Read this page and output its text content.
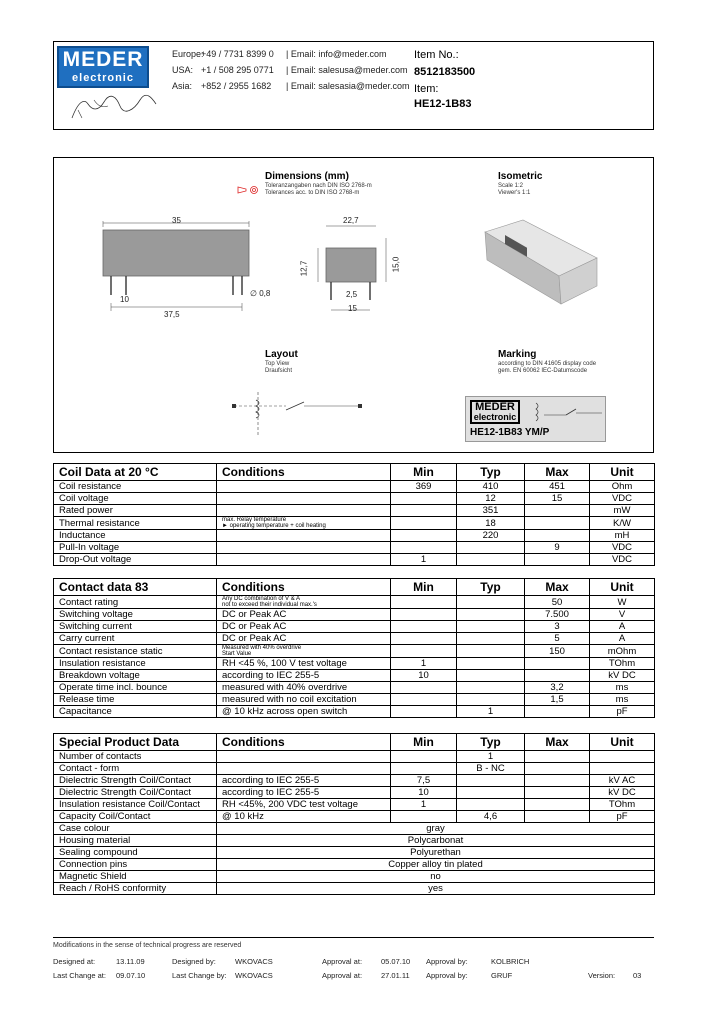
MEDER
electronic
Europe:
+49 / 7731 8399 0 | Email: info@meder.com
USA: +1 / 508 295 0771 | Email: salesusa@meder.com
Asia: +852 / 2955 1682 | Email: salesasia@meder.com
Item No.:
8512183500
Item:
HE12-1B83
Dimensions (mm)
Toleranzangaben nach DIN ISO 2768-m
Tolerances acc. to DIN ISO 2768-m
Isometric
Scale 1:2
Viewer's 1:1
35
10
37,5
∅ 0,8
22,7
12,7	15,0
2,5
15
Layout
Top View
Draufsicht
Marking
according to DIN 41605 display code
gem. EN 60062 IEC-Datumscode
MEDER
electronic
HE12-1B83 YM/P
Coil Data at 20 °C	Conditions	Min	Typ	Max	Unit
Coil resistance		369	410	451	Ohm
Coil voltage			12	15	VDC
Rated power			351		mW
Thermal resistance	max. Relay temperature
► operating temperature + coil heating		18		K/W
Inductance			220		mH
Pull-In voltage				9	VDC
Drop-Out voltage		1			VDC
Contact data 83	Conditions	Min	Typ	Max	Unit
Contact rating	Any DC combination of V & A
not to exceed their individual max.'s			50	W
Switching voltage	DC or Peak AC			7.500	V
Switching current	DC or Peak AC			3	A
Carry current	DC or Peak AC			5	A
Contact resistance static	Measured with 40% overdrive
Start Value			150	mOhm
Insulation resistance	RH <45 %, 100 V test voltage	1			TOhm
Breakdown voltage	according to IEC 255-5	10			kV DC
Operate time incl. bounce	measured with 40% overdrive			3,2	ms
Release time	measured with no coil excitation			1,5	ms
Capacitance	@ 10 kHz across open switch		1		pF
Special Product Data	Conditions	Min	Typ	Max	Unit
Number of contacts			1		
Contact - form			B - NC		
Dielectric Strength Coil/Contact	according to IEC 255-5	7,5			kV AC
Dielectric Strength Coil/Contact	according to IEC 255-5	10			kV DC
Insulation resistance Coil/Contact	RH <45%, 200 VDC test voltage	1			TOhm
Capacity Coil/Contact	@ 10 kHz		4,6		pF
Case colour	gray				
Housing material	Polycarbonat				
Sealing compound	Polyurethan				
Connection pins	Copper alloy tin plated				
Magnetic Shield	no				
Reach / RoHS conformity	yes				
Modifications in the sense of technical progress are reserved
Designed at:	13.11.09	Designed by:	WKOVACS	Approval at:	05.07.10 Approval by:	KOLBRICH
Last Change at: 09.07.10	Last Change by: WKOVACS	Approval at:	27.01.11 Approval by:	GRUF	Version: 03
